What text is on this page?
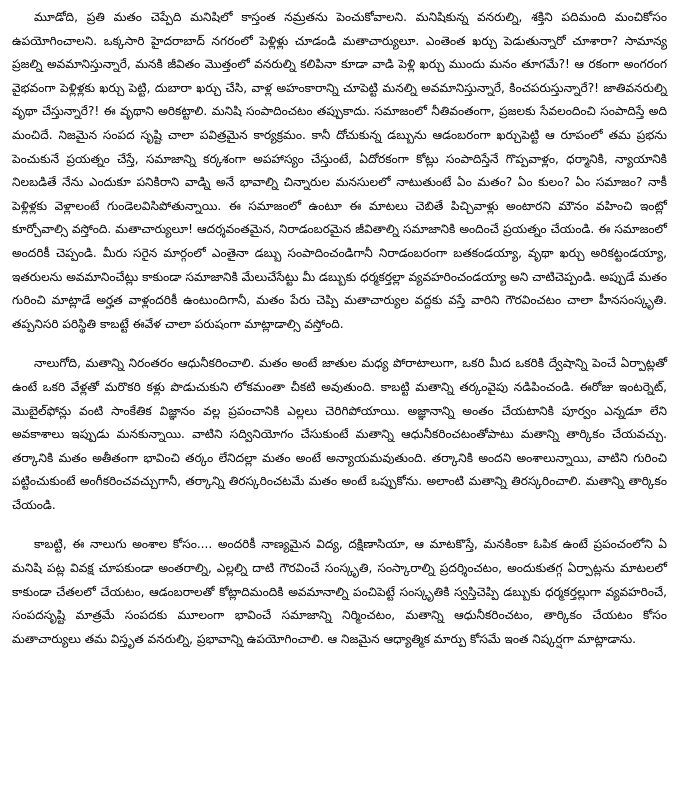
మూడోది, ప్రతి మతం చెప్పేది మనిషిలో కాస్తంత నమ్రతను పెంచుకోవాలని. మనిషికున్న వనరుల్ని, శక్తిని పదిమంది మంచికోసం ఉపయోగించాలని. ఒక్కసారి హైదరాబాద్ నగరంలో పెళ్లిళ్లు చూడండి మతాచార్యులూ. ఎంతెంత ఖర్చు పెడుతున్నారో చూశారా? సామాన్య ప్రజల్ని అవమానిస్తున్నారే, మనకి జీవితం మొత్తంలో వనరుల్ని కలిపినా కూడా వాడి పెళ్లి ఖర్చు ముందు మనం తూగమే?! ఆ రకంగా అంగరంగ వైభవంగా పెళ్లిళ్లకు ఖర్చు పెట్టి, దుబారా ఖర్చు చేసి, వాళ్ల అహంకారాన్ని చూపెట్టి మనల్ని అవమానిస్తున్నారే, కించపరుస్తున్నారే?! జాతివనరుల్ని వృథా చేస్తున్నారే?! ఈ వృథాని అరికట్టాలి. మనిషి సంపాదించటం తప్పుకాదు. సమాజంలో నీతివంతంగా, ప్రజలకు సేవలందించి సంపాదిస్తే అది మంచిదే. నిజమైన సంపద సృష్టి చాలా పవిత్రమైన కార్యక్రమం. కానీ దోచుకున్న డబ్బును ఆడంబరంగా ఖర్చుపెట్టి ఆ రూపంలో తమ ప్రభను పెంచుకునే ప్రయత్నం చేస్తే, సమాజాన్ని కర్కశంగా అపహాస్యం చేస్తుంటే, ఏదోరకంగా కోట్లు సంపాదిస్తేనే గొప్పవాళ్లం, ధర్మానికి, న్యాయానికి నిలబడితే నేను ఎందుకూ పనికిరాని వాడ్ని అనే భావాల్ని చిన్నారుల మనసులలో నాటుతుంటే ఏం మతం? ఏం కులం? ఏం సమాజం? నాకీ పెళ్లిళ్లకు వెళ్లాలంటే గుండెలవిసిపోతున్నాయి. ఈ సమాజంలో ఉంటూ ఈ మాటలు చెబితే పిచ్చివాళ్లు అంటారని మౌనం వహించి ఇంట్లో కూర్చోవాల్సి వస్తోంది. మతాచార్యులూ! ఆదర్శవంతమైన, నిరాడంబరమైన జీవితాల్ని సమాజానికి అందించే ప్రయత్నం చేయండి. ఈ సమాజంలో అందరికీ చెప్పండి. మీరు సరైన మార్గంలో ఎంతైనా డబ్బు సంపాదించండిగానీ నిరాడంబరంగా బతకండయ్యా, వృథా ఖర్చు అరికట్టండయ్యా, ఇతరులను అవమానించేట్లు కాకుండా సమాజానికి మేలుచేసేట్టు మీ డబ్బుకు ధర్మకర్తల్లా వ్యవహరించండయ్యా అని చాటిచెప్పండి. అప్పుడే మతం గురించి మాట్లాడే అర్హత వాళ్లందరికీ ఉంటుందిగానీ, మతం పేరు చెప్పి మతాచార్యుల వద్దకు వస్తే వారిని గౌరవించటం చాలా హీనసంస్కృతి. తప్పనిసరి పరిస్థితి కాబట్టే ఈవేళ చాలా పరుషంగా మాట్లాడాల్సి వస్తోంది.

నాలుగోది, మతాన్ని నిరంతరం ఆధునీకరించాలి. మతం అంటే జాతుల మధ్య పోరాటాలుగా, ఒకరి మీద ఒకరికి ద్వేషాన్ని పెంచే ఏర్పాట్లతో ఉంటే ఒకరి వేళ్లతో మరొకరి కళ్లు పొడుచుకుని లోకమంతా చీకటి అవుతుంది. కాబట్టి మతాన్ని తర్కంవైపు నడిపించండి. ఈరోజు ఇంటర్నెట్, మొబైల్‌ఫోన్లు వంటి సాంకేతిక విజ్ఞానం వల్ల ప్రపంచానికి ఎల్లలు చెరిగిపోయాయి. అజ్ఞానాన్ని అంతం చేయటానికి పూర్వం ఎన్నడూ లేని అవకాశాలు ఇప్పుడు మనకున్నాయి. వాటిని సద్వినియోగం చేసుకుంటే మతాన్ని ఆధునీకరించటంతోపాటు మతాన్ని తార్కికం చేయవచ్చు. తర్కానికి మతం అతీతంగా భావించి తర్కం లేనిదల్లా మతం అంటే అన్యాయమవుతుంది. తర్కానికి అందని అంశాలున్నాయి, వాటిని గురించి పట్టించుకుంటే అంగీకరించవచ్చుగానీ, తర్కాన్ని తిరస్కరించటమే మతం అంటే ఒప్పుకోను. అలాంటి మతాన్ని తిరస్కరించాలి. మతాన్ని తార్కికం చేయండి.

కాబట్టి, ఈ నాలుగు అంశాల కోసం.... అందరికీ నాణ్యమైన విద్య, దక్షిణాసియా, ఆ మాటకొస్తే, మనకింకా ఓపిక ఉంటే ప్రపంచంలోని ఏ మనిషి పట్ల వివక్ష చూపకుండా అంతరాల్ని, ఎల్లల్ని దాటి గౌరవించే సంస్కృతి, సంస్కారాల్ని ప్రదర్శించటం, అందుకుతగ్గ ఏర్పాట్లను మాటలలో కాకుండా చేతలలో చేయటం, ఆడంబరాలతో కోట్లాదిమందికి అవమానాల్ని పంచిపెట్టే సంస్కృతికి స్వస్తిచెప్పి డబ్బుకు ధర్మకర్తల్లుగా వ్యవహరించే, సంపదసృష్టి మాత్రమే సంపదకు మూలంగా భావించే సమాజాన్ని నిర్మించటం, మతాన్ని ఆధునీకరించటం, తార్కికం చేయటం కోసం మతాచార్యులు తమ విస్తృత వనరుల్ని, ప్రభావాన్ని ఉపయోగించాలి. ఆ నిజమైన ఆధ్యాత్మిక మార్పు కోసమే ఇంత నిష్కర్షగా మాట్లాడాను.
